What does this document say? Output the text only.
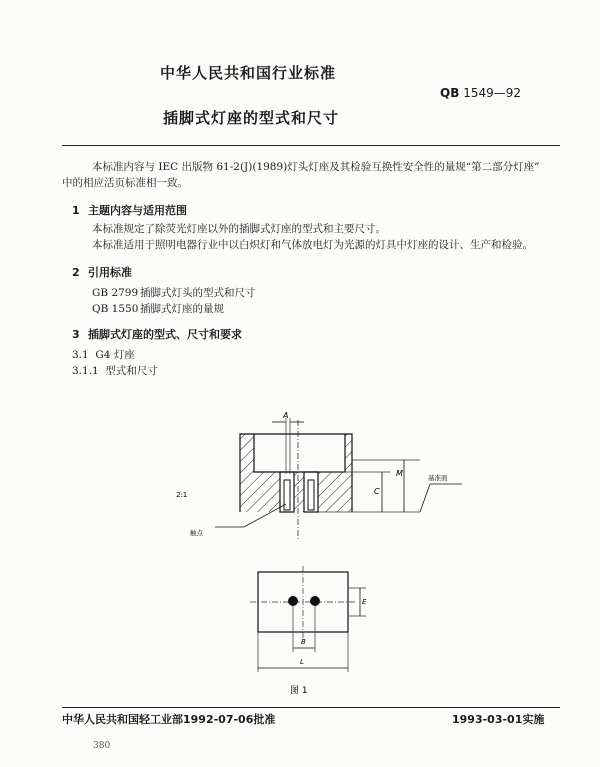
中华人民共和国行业标准
QB 1549—92
插脚式灯座的型式和尺寸
本标准内容与 IEC 出版物 61-2(J)(1989)灯头灯座及其检验互换性安全性的量规“第二部分灯座”
中的相应活页标准相一致。
1 主题内容与适用范围
本标准规定了除荧光灯座以外的插脚式灯座的型式和主要尺寸。
本标准适用于照明电器行业中以白炽灯和气体放电灯为光源的灯具中灯座的设计、生产和检验。
2 引用标准
GB 2799 插脚式灯头的型式和尺寸
QB 1550 插脚式灯座的量规
3 插脚式灯座的型式、尺寸和要求
3.1 G4 灯座
3.1.1 型式和尺寸
A
M
C
基准面
2:1
触点
E
B
L
图 1
中华人民共和国轻工业部1992-07-06批准	1993-03-01实施
380
